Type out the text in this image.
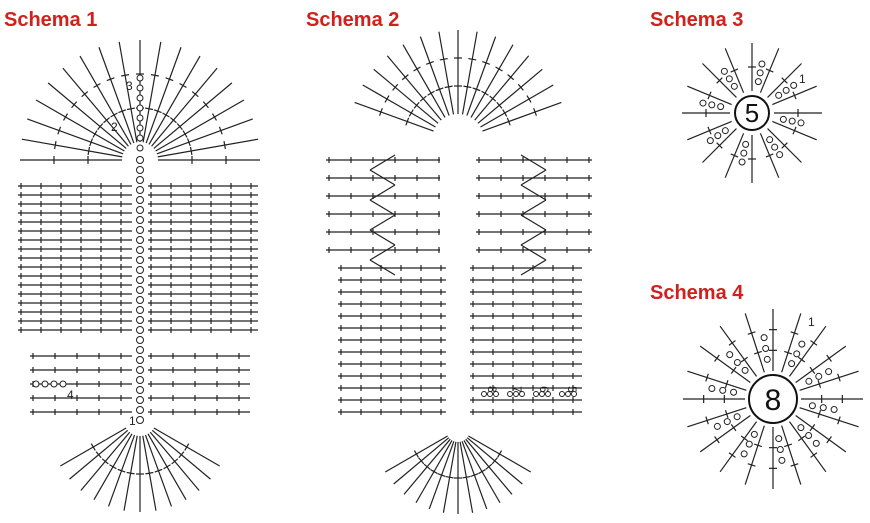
Schema 1	Schema 2	Schema 3
Schema 4
3
2
4
1
8 7 6 5
5
1
8
1
